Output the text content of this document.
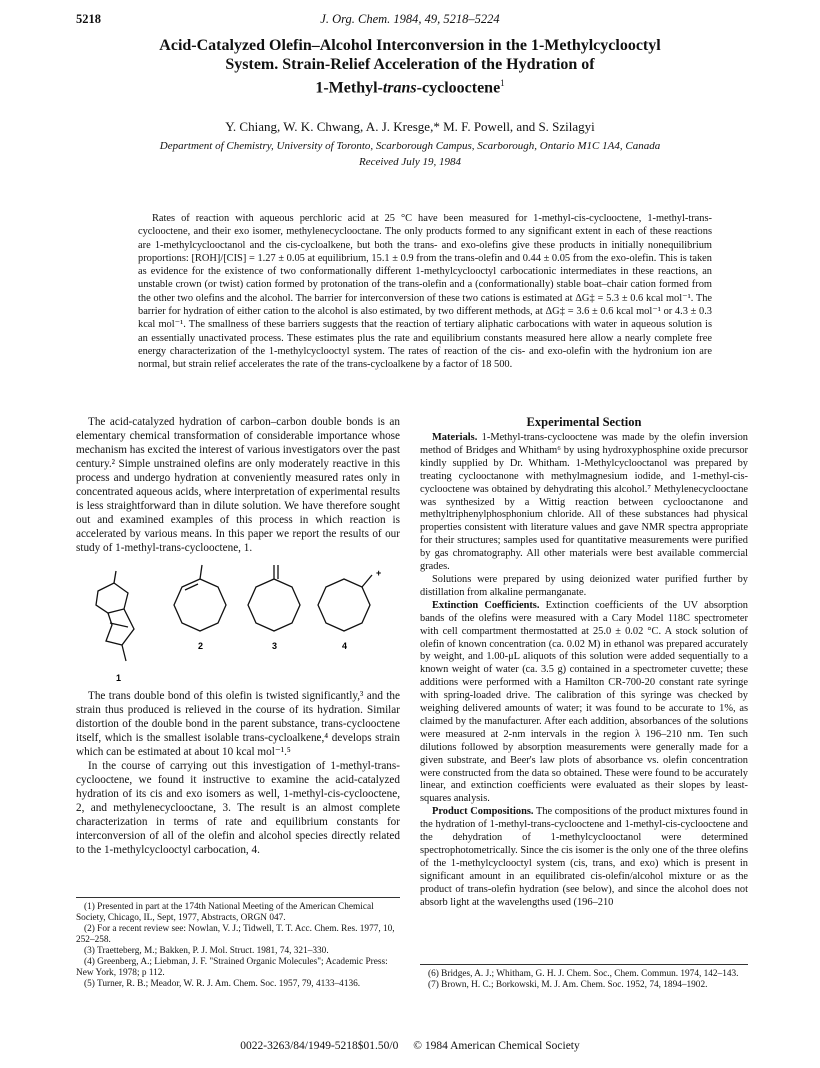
5218	J. Org. Chem. 1984, 49, 5218–5224

Acid-Catalyzed Olefin–Alcohol Interconversion in the 1-Methylcyclooctyl
System. Strain-Relief Acceleration of the Hydration of
1-Methyl-trans-cyclooctene$^1$

Y. Chiang, W. K. Chwang, A. J. Kresge,* M. F. Powell, and S. Szilagyi
Department of Chemistry, University of Toronto, Scarborough Campus, Scarborough, Ontario M1C 1A4, Canada
Received July 19, 1984

Rates of reaction with aqueous perchloric acid at 25 °C have been measured for 1-methyl-cis-cyclooctene, 1-methyl-trans-cyclooctene, and their exo isomer, methylenecyclooctane. The only products formed to any significant extent in each of these reactions are 1-methylcyclooctanol and the cis-cycloalkene, but both the trans- and exo-olefins give these products in initially nonequilibrium proportions: [ROH]/[CIS] = 1.27 ± 0.05 at equilibrium, 15.1 ± 0.9 from the trans-olefin and 0.44 ± 0.05 from the exo-olefin. This is taken as evidence for the existence of two conformationally different 1-methylcyclooctyl carbocationic intermediates in these reactions, an unstable crown (or twist) cation formed by protonation of the trans-olefin and a (conformationally) stable boat–chair cation formed from the other two olefins and the alcohol. The barrier for interconversion of these two cations is estimated at ΔG‡ = 5.3 ± 0.6 kcal mol⁻¹. The barrier for hydration of either cation to the alcohol is also estimated, by two different methods, at ΔG‡ = 3.6 ± 0.6 kcal mol⁻¹ or 4.3 ± 0.3 kcal mol⁻¹. The smallness of these barriers suggests that the reaction of tertiary aliphatic carbocations with water in aqueous solution is an essentially unactivated process. These estimates plus the rate and equilibrium constants measured here allow a nearly complete free energy characterization of the 1-methylcyclooctyl system. The rates of reaction of the cis- and exo-olefin with the hydronium ion are normal, but strain relief accelerates the rate of the trans-cycloalkene by a factor of 18 500.

The acid-catalyzed hydration of carbon–carbon double bonds is an elementary chemical transformation of considerable importance whose mechanism has excited the interest of various investigators over the past century.² Simple unstrained olefins are only moderately reactive in this process and undergo hydration at conveniently measured rates only in concentrated aqueous acids, where interpretation of experimental results is less straightforward than in dilute solution. We have therefore sought out and examined examples of this process in which reaction is accelerated by various means. In this paper we report the results of our study of 1-methyl-trans-cyclooctene, 1.

+
1
2	3	4

The trans double bond of this olefin is twisted significantly,³ and the strain thus produced is relieved in the course of its hydration. Similar distortion of the double bond in the parent substance, trans-cyclooctene itself, which is the smallest isolable trans-cycloalkene,⁴ develops strain which can be estimated at about 10 kcal mol⁻¹.⁵

In the course of carrying out this investigation of 1-methyl-trans-cyclooctene, we found it instructive to examine the acid-catalyzed hydration of its cis and exo isomers as well, 1-methyl-cis-cyclooctene, 2, and methylenecyclooctane, 3. The result is an almost complete characterization in terms of rate and equilibrium constants for interconversion of all of the olefin and alcohol species directly related to the 1-methylcyclooctyl carbocation, 4.

(1) Presented in part at the 174th National Meeting of the American Chemical Society, Chicago, IL, Sept, 1977, Abstracts, ORGN 047.

(2) For a recent review see: Nowlan, V. J.; Tidwell, T. T. Acc. Chem. Res. 1977, 10, 252–258.

(3) Traetteberg, M.; Bakken, P. J. Mol. Struct. 1981, 74, 321–330.

(4) Greenberg, A.; Liebman, J. F. "Strained Organic Molecules"; Academic Press: New York, 1978; p 112.

(5) Turner, R. B.; Meador, W. R. J. Am. Chem. Soc. 1957, 79, 4133–4136.

Experimental Section

Materials. 1-Methyl-trans-cyclooctene was made by the olefin inversion method of Bridges and Whitham⁶ by using hydroxyphosphine oxide precursor kindly supplied by Dr. Whitham. 1-Methylcyclooctanol was prepared by treating cyclooctanone with methylmagnesium iodide, and 1-methyl-cis-cyclooctene was obtained by dehydrating this alcohol.⁷ Methylenecyclooctane was synthesized by a Wittig reaction between cyclooctanone and methyltriphenylphosphonium chloride. All of these substances had physical properties consistent with literature values and gave NMR spectra appropriate for their structures; samples used for quantitative measurements were purified by gas chromatography. All other materials were best available commercial grades.

Solutions were prepared by using deionized water purified further by distillation from alkaline permanganate.

Extinction Coefficients. Extinction coefficients of the UV absorption bands of the olefins were measured with a Cary Model 118C spectrometer with cell compartment thermostatted at 25.0 ± 0.02 °C. A stock solution of olefin of known concentration (ca. 0.02 M) in ethanol was prepared accurately by weight, and 1.00-μL aliquots of this solution were added sequentially to a known weight of water (ca. 3.5 g) contained in a spectrometer cuvette; these additions were performed with a Hamilton CR-700-20 constant rate syringe with spring-loaded drive. The calibration of this syringe was checked by weighing delivered amounts of water; it was found to be accurate to 1%, as claimed by the manufacturer. After each addition, absorbances of the solutions were measured at 2-nm intervals in the region λ 196–210 nm. Ten such dilutions followed by absorption measurements were generally made for a given substrate, and Beer's law plots of absorbance vs. olefin concentration were constructed from the data so obtained. These were found to be accurately linear, and extinction coefficients were evaluated as their slopes by least-squares analysis.

Product Compositions. The compositions of the product mixtures found in the hydration of 1-methyl-trans-cyclooctene and 1-methyl-cis-cyclooctene and the dehydration of 1-methylcyclooctanol were determined spectrophotometrically. Since the cis isomer is the only one of the three olefins of the 1-methylcyclooctyl system (cis, trans, and exo) which is present in significant amount in an equilibrated cis-olefin/alcohol mixture or as the product of trans-olefin hydration (see below), and since the alcohol does not absorb light at the wavelengths used (196–210

(6) Bridges, A. J.; Whitham, G. H. J. Chem. Soc., Chem. Commun. 1974, 142–143.

(7) Brown, H. C.; Borkowski, M. J. Am. Chem. Soc. 1952, 74, 1894–1902.

0022-3263/84/1949-5218$01.50/0 © 1984 American Chemical Society
